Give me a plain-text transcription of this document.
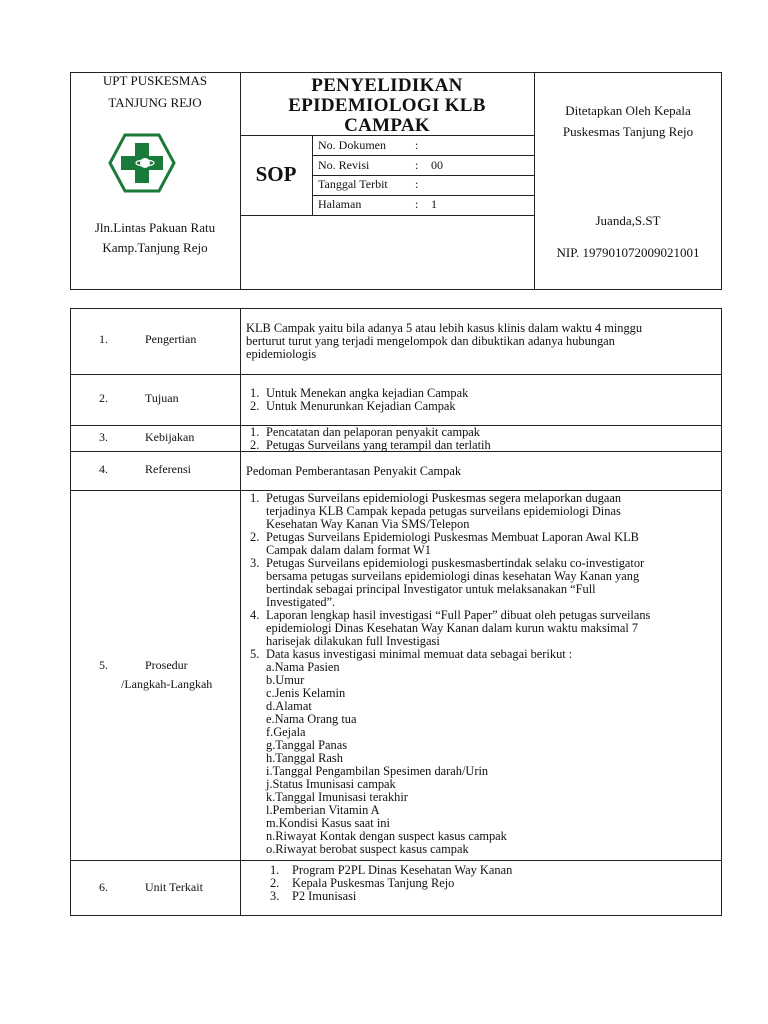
UPT PUSKESMAS
TANJUNG REJO
Jln.Lintas Pakuan Ratu
Kamp.Tanjung Rejo
PENYELIDIKAN
EPIDEMIOLOGI KLB
CAMPAK
SOP
No. Dokumen :
No. Revisi	: 00
Tanggal Terbit :
Halaman	: 1
Ditetapkan Oleh Kepala
Puskesmas Tanjung Rejo
Juanda,S.ST
NIP. 197901072009021001
1.	Pengertian
KLB Campak yaitu bila adanya 5 atau lebih kasus klinis dalam waktu 4 minggu
berturut turut yang terjadi mengelompok dan dibuktikan adanya hubungan
epidemiologis
2.	Tujuan	1. Untuk Menekan angka kejadian Campak
2. Untuk Menurunkan Kejadian Campak
3.	Kebijakan	1. Pencatatan dan pelaporan penyakit campak
2. Petugas Surveilans yang terampil dan terlatih
4.	Referensi	Pedoman Pemberantasan Penyakit Campak
5.	Prosedur
/Langkah-Langkah
1. Petugas Surveilans epidemiologi Puskesmas segera melaporkan dugaan
terjadinya KLB Campak kepada petugas surveilans epidemiologi Dinas
Kesehatan Way Kanan Via SMS/Telepon
2. Petugas Surveilans Epidemiologi Puskesmas Membuat Laporan Awal KLB
Campak dalam dalam format W1
3. Petugas Surveilans epidemiologi puskesmasbertindak selaku co-investigator
bersama petugas surveilans epidemiologi dinas kesehatan Way Kanan yang
bertindak sebagai principal Investigator untuk melaksanakan “Full
Investigated”.
4. Laporan lengkap hasil investigasi “Full Paper” dibuat oleh petugas surveilans
epidemiologi Dinas Kesehatan Way Kanan dalam kurun waktu maksimal 7
harisejak dilakukan full Investigasi
5. Data kasus investigasi minimal memuat data sebagai berikut :
a.Nama Pasien
b.Umur
c.Jenis Kelamin
d.Alamat
e.Nama Orang tua
f.Gejala
g.Tanggal Panas
h.Tanggal Rash
i.Tanggal Pengambilan Spesimen darah/Urin
j.Status Imunisasi campak
k.Tanggal Imunisasi terakhir
l.Pemberian Vitamin A
m.Kondisi Kasus saat ini
n.Riwayat Kontak dengan suspect kasus campak
o.Riwayat berobat suspect kasus campak
6.	Unit Terkait
1. Program P2PL Dinas Kesehatan Way Kanan
2. Kepala Puskesmas Tanjung Rejo
3. P2 Imunisasi
